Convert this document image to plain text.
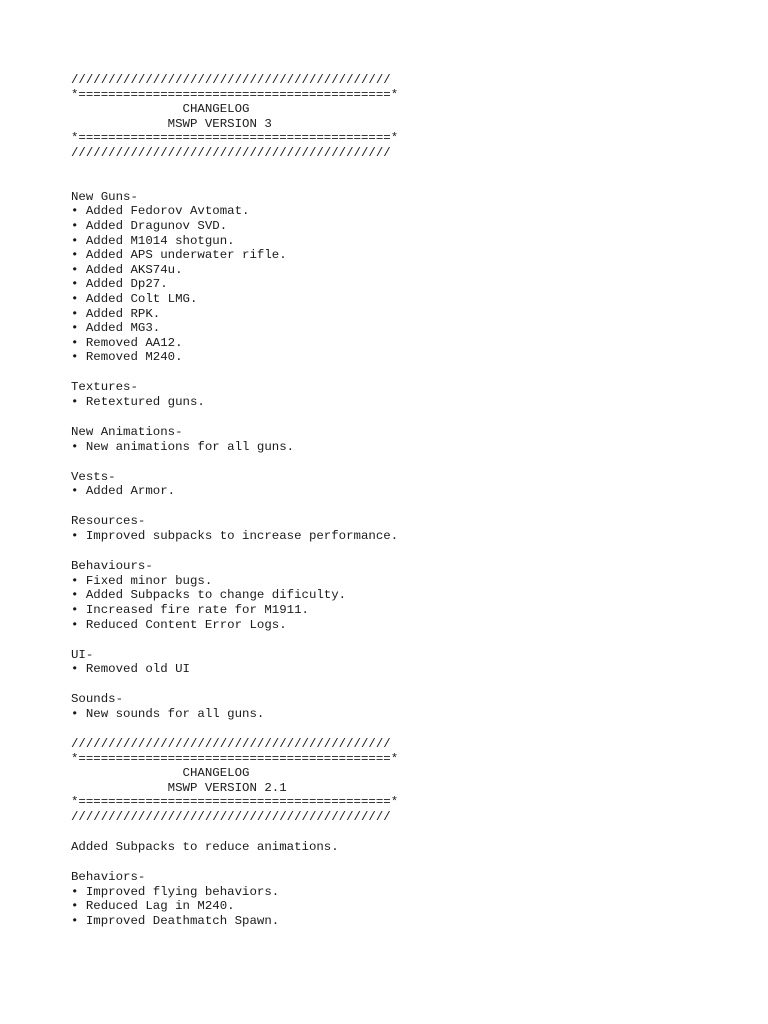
///////////////////////////////////////////
*==========================================*
CHANGELOG
MSWP VERSION 3
*==========================================*
///////////////////////////////////////////
New Guns-
• Added Fedorov Avtomat.
• Added Dragunov SVD.
• Added M1014 shotgun.
• Added APS underwater rifle.
• Added AKS74u.
• Added Dp27.
• Added Colt LMG.
• Added RPK.
• Added MG3.
• Removed AA12.
• Removed M240.
Textures-
• Retextured guns.
New Animations-
• New animations for all guns.
Vests-
• Added Armor.
Resources-
• Improved subpacks to increase performance.
Behaviours-
• Fixed minor bugs.
• Added Subpacks to change dificulty.
• Increased fire rate for M1911.
• Reduced Content Error Logs.
UI-
• Removed old UI
Sounds-
• New sounds for all guns.
///////////////////////////////////////////
*==========================================*
CHANGELOG
MSWP VERSION 2.1
*==========================================*
///////////////////////////////////////////
Added Subpacks to reduce animations.
Behaviors-
• Improved flying behaviors.
• Reduced Lag in M240.
• Improved Deathmatch Spawn.
